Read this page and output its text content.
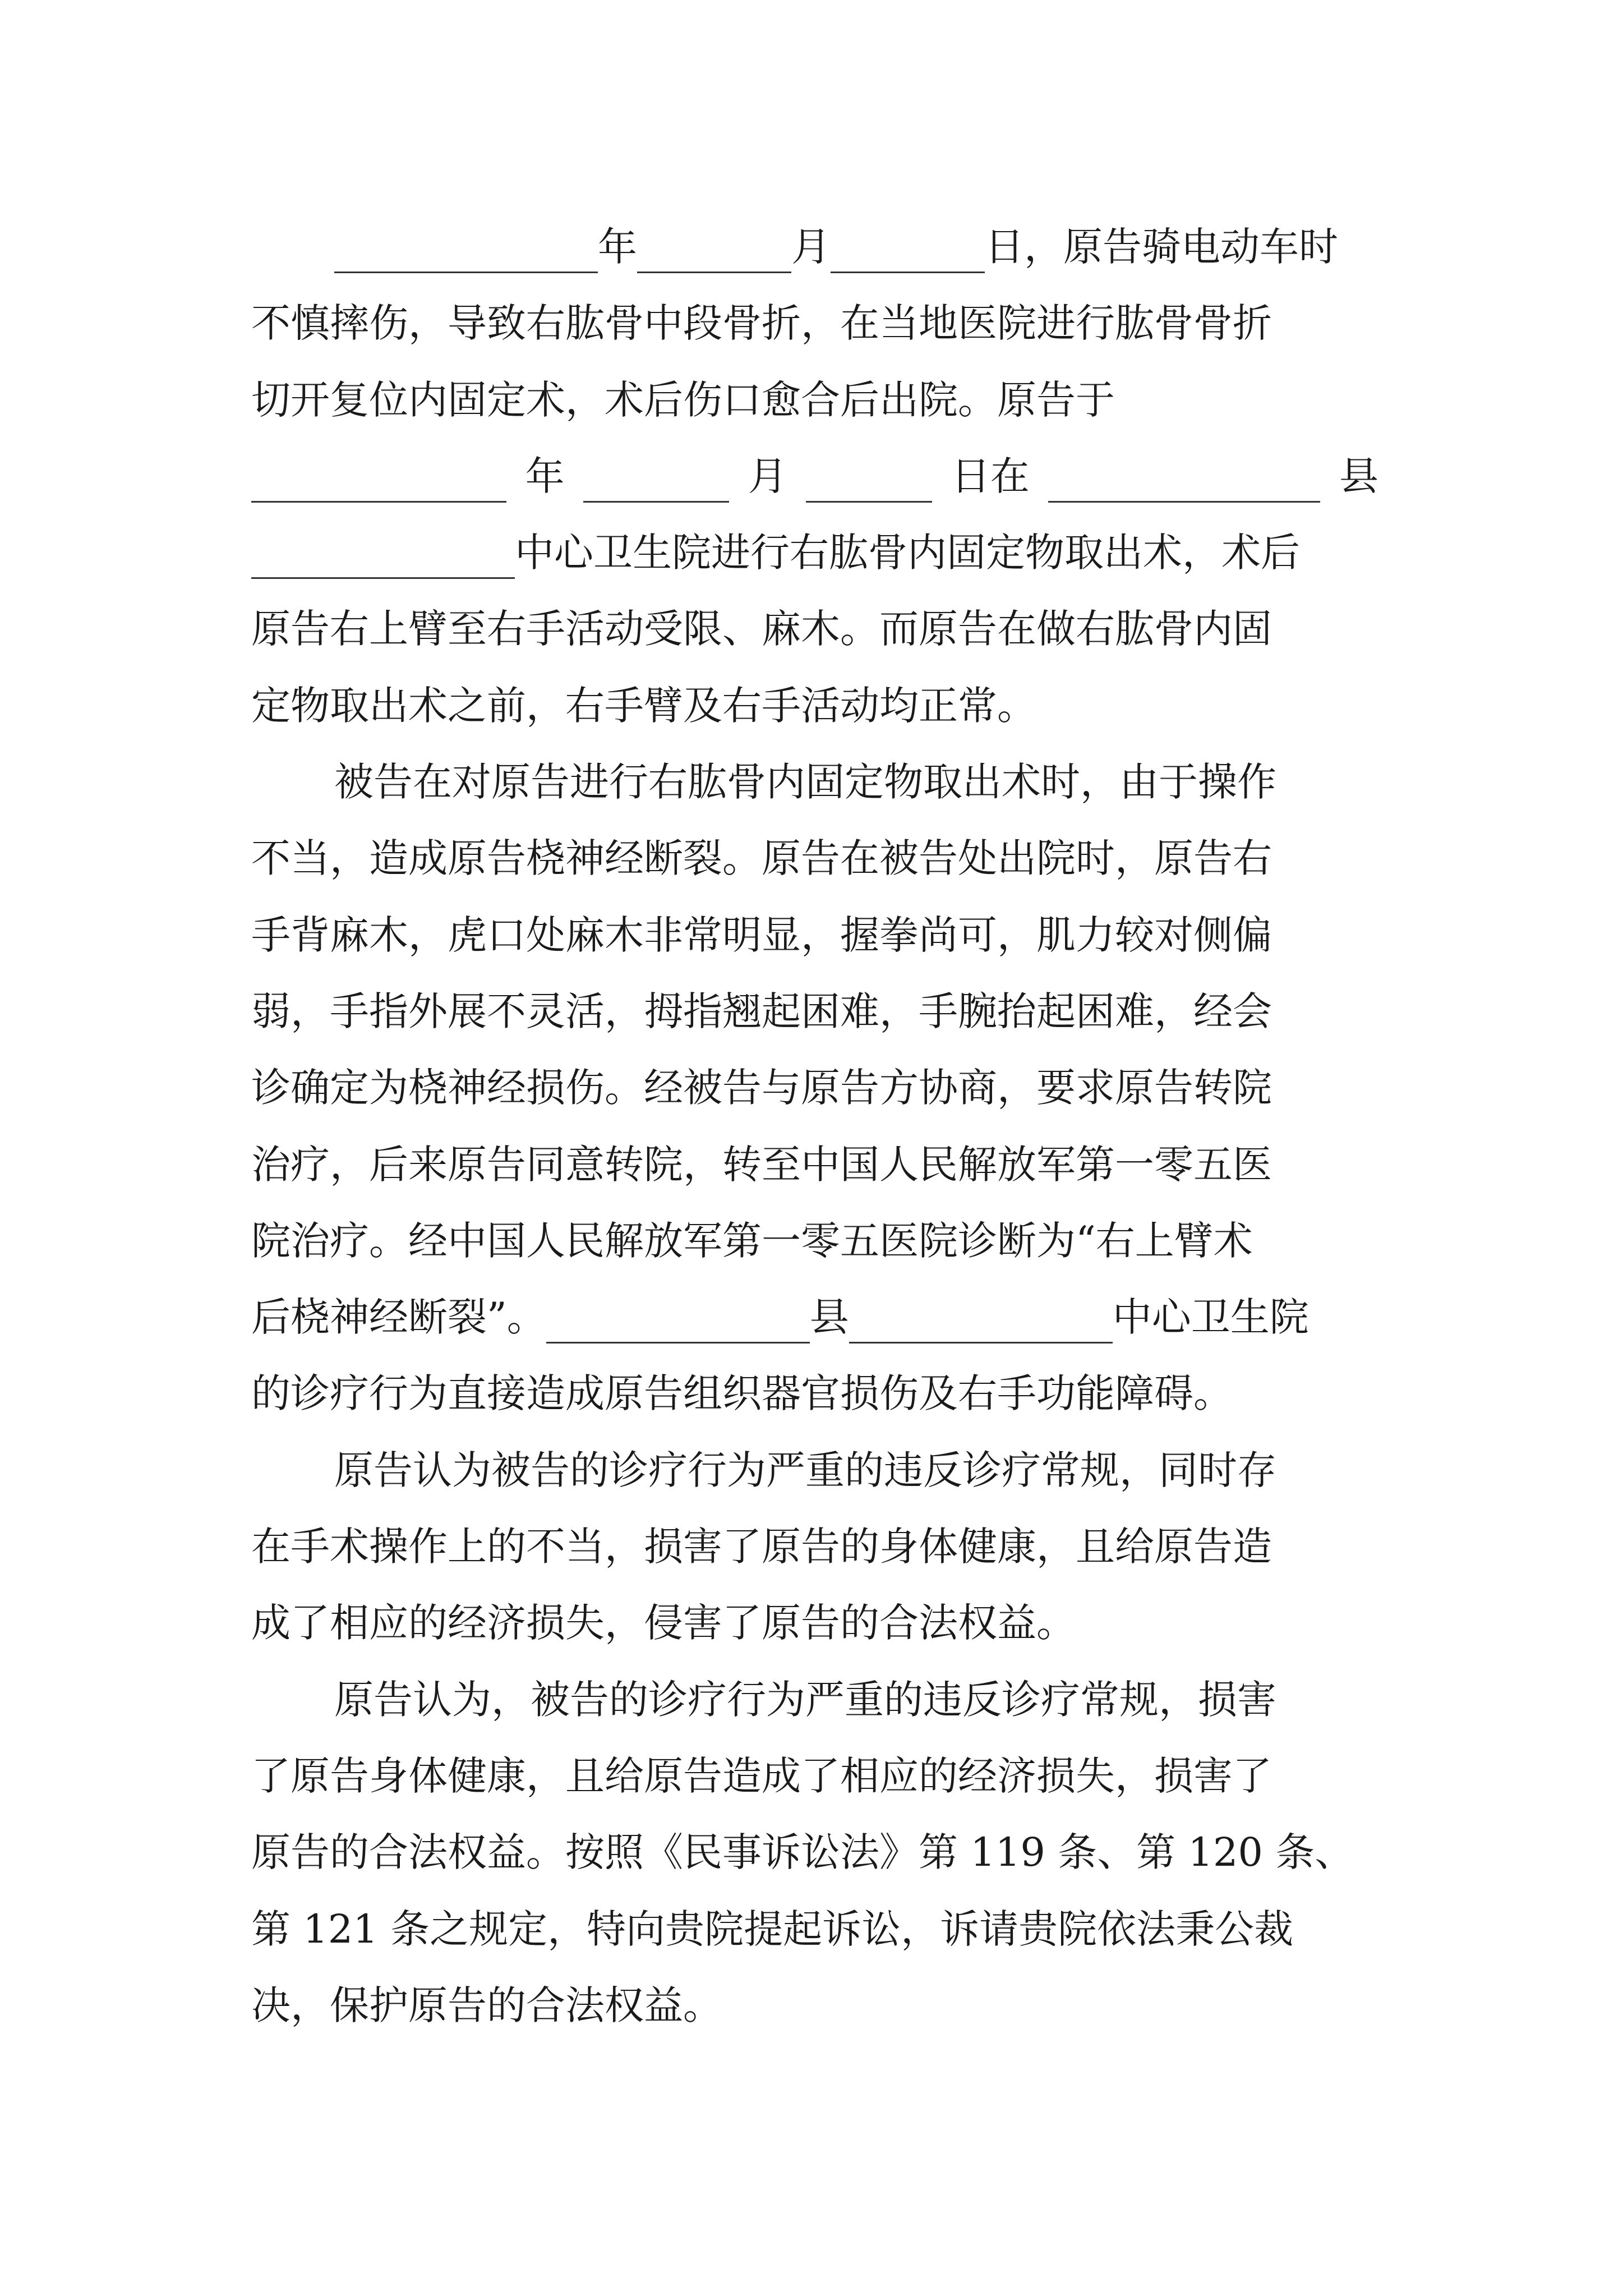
年	月	日，原告骑电动车时
不慎摔伤，导致右肱骨中段骨折，在当地医院进行肱骨骨折
切开复位内固定术，术后伤口愈合后出院。原告于
年	月	日在	县
中心卫生院进行右肱骨内固定物取出术，术后
原告右上臂至右手活动受限、麻木。而原告在做右肱骨内固
定物取出术之前，右手臂及右手活动均正常。
被告在对原告进行右肱骨内固定物取出术时，由于操作
不当，造成原告桡神经断裂。原告在被告处出院时，原告右
手背麻木，虎口处麻木非常明显，握拳尚可，肌力较对侧偏
弱，手指外展不灵活，拇指翘起困难，手腕抬起困难，经会
诊确定为桡神经损伤。经被告与原告方协商，要求原告转院
治疗，后来原告同意转院，转至中国人民解放军第一零五医
院治疗。经中国人民解放军第一零五医院诊断为“右上臂术
后桡神经断裂”。	县	中心卫生院
的诊疗行为直接造成原告组织器官损伤及右手功能障碍。
原告认为被告的诊疗行为严重的违反诊疗常规，同时存
在手术操作上的不当，损害了原告的身体健康，且给原告造
成了相应的经济损失，侵害了原告的合法权益。
原告认为，被告的诊疗行为严重的违反诊疗常规，损害
了原告身体健康，且给原告造成了相应的经济损失，损害了
原告的合法权益。按照《民事诉讼法》第 119 条、第 120 条、
第 121 条之规定，特向贵院提起诉讼，诉请贵院依法秉公裁
决，保护原告的合法权益。
